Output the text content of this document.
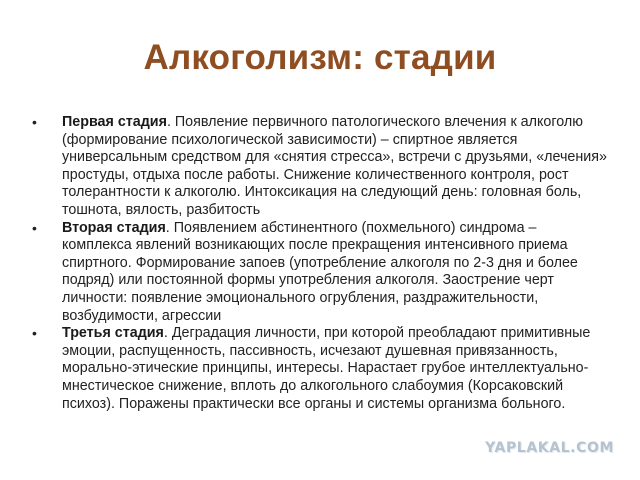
Алкоголизм: стадии
• Первая стадия. Появление первичного патологического влечения к алкоголю (формирование психологической зависимости) – спиртное является универсальным средством для «снятия стресса», встречи с друзьями, «лечения» простуды, отдыха после работы. Снижение количественного контроля, рост толерантности к алкоголю. Интоксикация на следующий день: головная боль, тошнота, вялость, разбитость
• Вторая стадия. Появлением абстинентного (похмельного) синдрома – комплекса явлений возникающих после прекращения интенсивного приема спиртного. Формирование запоев (употребление алкоголя по 2-3 дня и более подряд) или постоянной формы употребления алкоголя. Заострение черт личности: появление эмоционального огрубления, раздражительности, возбудимости, агрессии
• Третья стадия. Деградация личности, при которой преобладают примитивные эмоции, распущенность, пассивность, исчезают душевная привязанность, морально-этические принципы, интересы. Нарастает грубое интеллектуально-мнестическое снижение, вплоть до алкогольного слабоумия (Корсаковский психоз). Поражены практически все органы и системы организма больного.
YAPLAKAL.COM
